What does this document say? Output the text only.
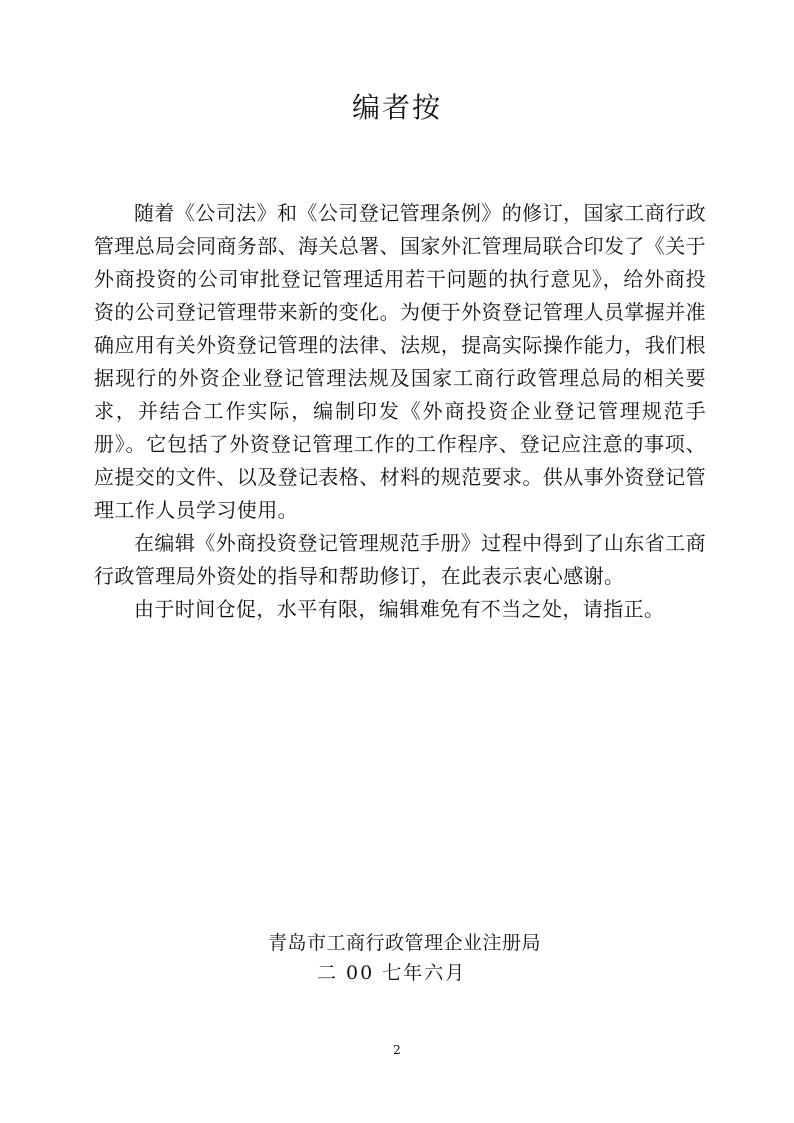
编者按

随着《公司法》和《公司登记管理条例》的修订，国家工商行政管理总局会同商务部、海关总署、国家外汇管理局联合印发了《关于外商投资的公司审批登记管理适用若干问题的执行意见》，给外商投资的公司登记管理带来新的变化。为便于外资登记管理人员掌握并准确应用有关外资登记管理的法律、法规，提高实际操作能力，我们根据现行的外资企业登记管理法规及国家工商行政管理总局的相关要求，并结合工作实际，编制印发《外商投资企业登记管理规范手册》。它包括了外资登记管理工作的工作程序、登记应注意的事项、应提交的文件、以及登记表格、材料的规范要求。供从事外资登记管理工作人员学习使用。

在编辑《外商投资登记管理规范手册》过程中得到了山东省工商行政管理局外资处的指导和帮助修订，在此表示衷心感谢。

由于时间仓促，水平有限，编辑难免有不当之处，请指正。

青岛市工商行政管理企业注册局
二 00 七年六月
2
